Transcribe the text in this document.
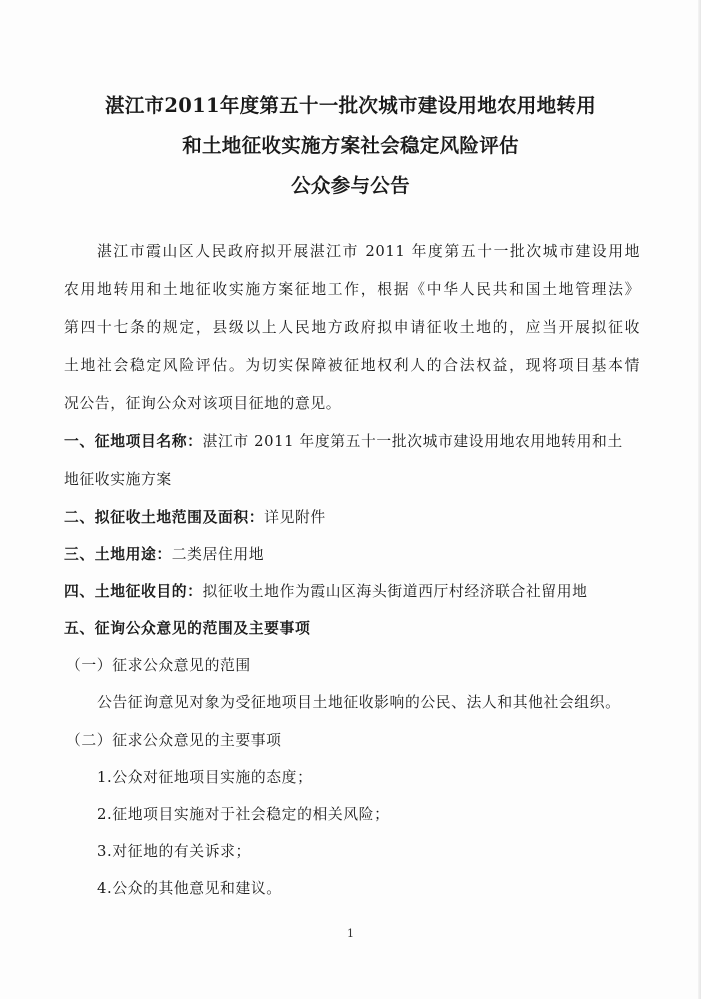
湛江市2011年度第五十一批次城市建设用地农用地转用
和土地征收实施方案社会稳定风险评估
公众参与公告
湛江市霞山区人民政府拟开展湛江市 2011 年度第五十一批次城市建设用地
农用地转用和土地征收实施方案征地工作，根据《中华人民共和国土地管理法》
第四十七条的规定，县级以上人民地方政府拟申请征收土地的，应当开展拟征收
土地社会稳定风险评估。为切实保障被征地权利人的合法权益，现将项目基本情
况公告，征询公众对该项目征地的意见。
一、征地项目名称：湛江市 2011 年度第五十一批次城市建设用地农用地转用和土
地征收实施方案
二、拟征收土地范围及面积：详见附件
三、土地用途：二类居住用地
四、土地征收目的：拟征收土地作为霞山区海头街道西厅村经济联合社留用地
五、征询公众意见的范围及主要事项
（一）征求公众意见的范围
公告征询意见对象为受征地项目土地征收影响的公民、法人和其他社会组织。
（二）征求公众意见的主要事项
1.公众对征地项目实施的态度；
2.征地项目实施对于社会稳定的相关风险；
3.对征地的有关诉求；
4.公众的其他意见和建议。
1
